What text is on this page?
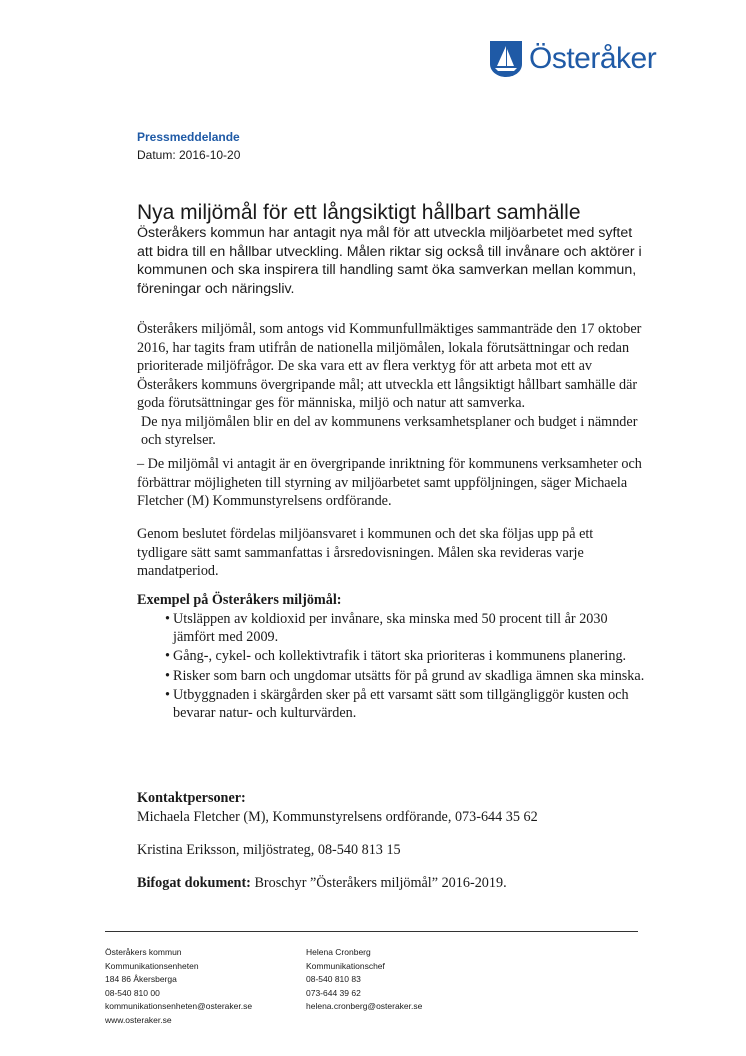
Österåker
Pressmeddelande
Datum: 2016-10-20
Nya miljömål för ett långsiktigt hållbart samhälle
Österåkers kommun har antagit nya mål för att utveckla miljöarbetet med syftet att bidra till en hållbar utveckling. Målen riktar sig också till invånare och aktörer i kommunen och ska inspirera till handling samt öka samverkan mellan kommun, föreningar och näringsliv.

Österåkers miljömål, som antogs vid Kommunfullmäktiges sammanträde den 17 oktober 2016, har tagits fram utifrån de nationella miljömålen, lokala förutsättningar och redan prioriterade miljöfrågor. De ska vara ett av flera verktyg för att arbeta mot ett av Österåkers kommuns övergripande mål; att utveckla ett långsiktigt hållbart samhälle där goda förutsättningar ges för människa, miljö och natur att samverka.

De nya miljömålen blir en del av kommunens verksamhetsplaner och budget i nämnder och styrelser.

– De miljömål vi antagit är en övergripande inriktning för kommunens verksamheter och förbättrar möjligheten till styrning av miljöarbetet samt uppföljningen, säger Michaela Fletcher (M) Kommunstyrelsens ordförande.

Genom beslutet fördelas miljöansvaret i kommunen och det ska följas upp på ett tydligare sätt samt sammanfattas i årsredovisningen. Målen ska revideras varje mandatperiod.

Exempel på Österåkers miljömål:
• Utsläppen av koldioxid per invånare, ska minska med 50 procent till år 2030 jämfört med 2009.
• Gång-, cykel- och kollektivtrafik i tätort ska prioriteras i kommunens planering.
• Risker som barn och ungdomar utsätts för på grund av skadliga ämnen ska minska.
• Utbyggnaden i skärgården sker på ett varsamt sätt som tillgängliggör kusten och bevarar natur- och kulturvärden.
Kontaktpersoner:
Michaela Fletcher (M), Kommunstyrelsens ordförande, 073-644 35 62
Kristina Eriksson, miljöstrateg, 08-540 813 15
Bifogat dokument: Broschyr ”Österåkers miljömål” 2016-2019.
Österåkers kommun
Kommunikationsenheten
184 86 Åkersberga
08-540 810 00
kommunikationsenheten@osteraker.se
www.osteraker.se
Helena Cronberg
Kommunikationschef
08-540 810 83
073-644 39 62
helena.cronberg@osteraker.se
